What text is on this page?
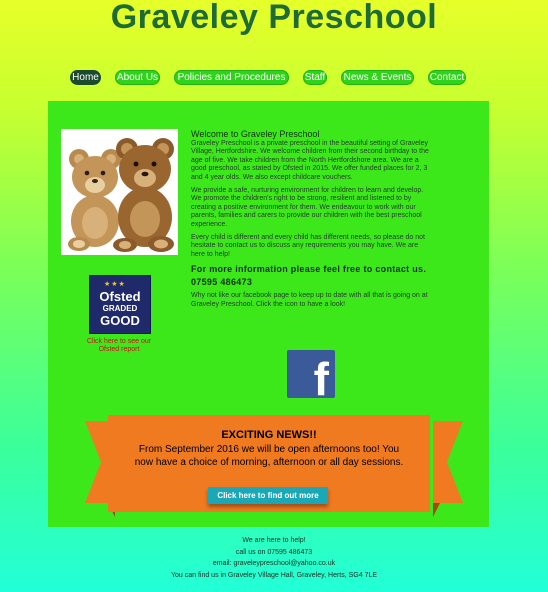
Graveley Preschool
Home About Us	Policies and Procedures	Staff News & Events Contact
★★★
Ofsted
GRADED
GOOD
Click here to see our Ofsted report

Welcome to Graveley Preschool

Graveley Preschool is a private preschool in the beautiful setting of Graveley Village, Hertfordshire. We welcome children from their second birthday to the age of five. We take children from the North Hertfordshore area. We are a good preschool, as stated by Ofsted in 2015. We offer funded places for 2, 3 and 4 year olds. We also except childcare vouchers.

We provide a safe, nurturing environment for children to learn and develop. We promote the children's right to be strong, resilient and listened to by creating a positive environment for them. We endeavour to work with our parents, families and carers to provide our children with the best preschool experience.

Every child is different and every child has different needs, so please do not hesitate to contact us to discuss any requirements you may have. We are here to help!

For more information please feel free to contact us.

07595 486473

Why not like our facebook page to keep up to date with all that is going on at Graveley Preschool. Click the icon to have a look!

f
EXCITING NEWS!!
From September 2016 we will be open afternoons too! You now have a choice of morning, afternoon or all day sessions.
Click here to find out more
We are here to help!
call us on 07595 486473
email: graveleypreschool@yahoo.co.uk
You can find us in Graveley Village Hall, Graveley, Herts, SG4 7LE
